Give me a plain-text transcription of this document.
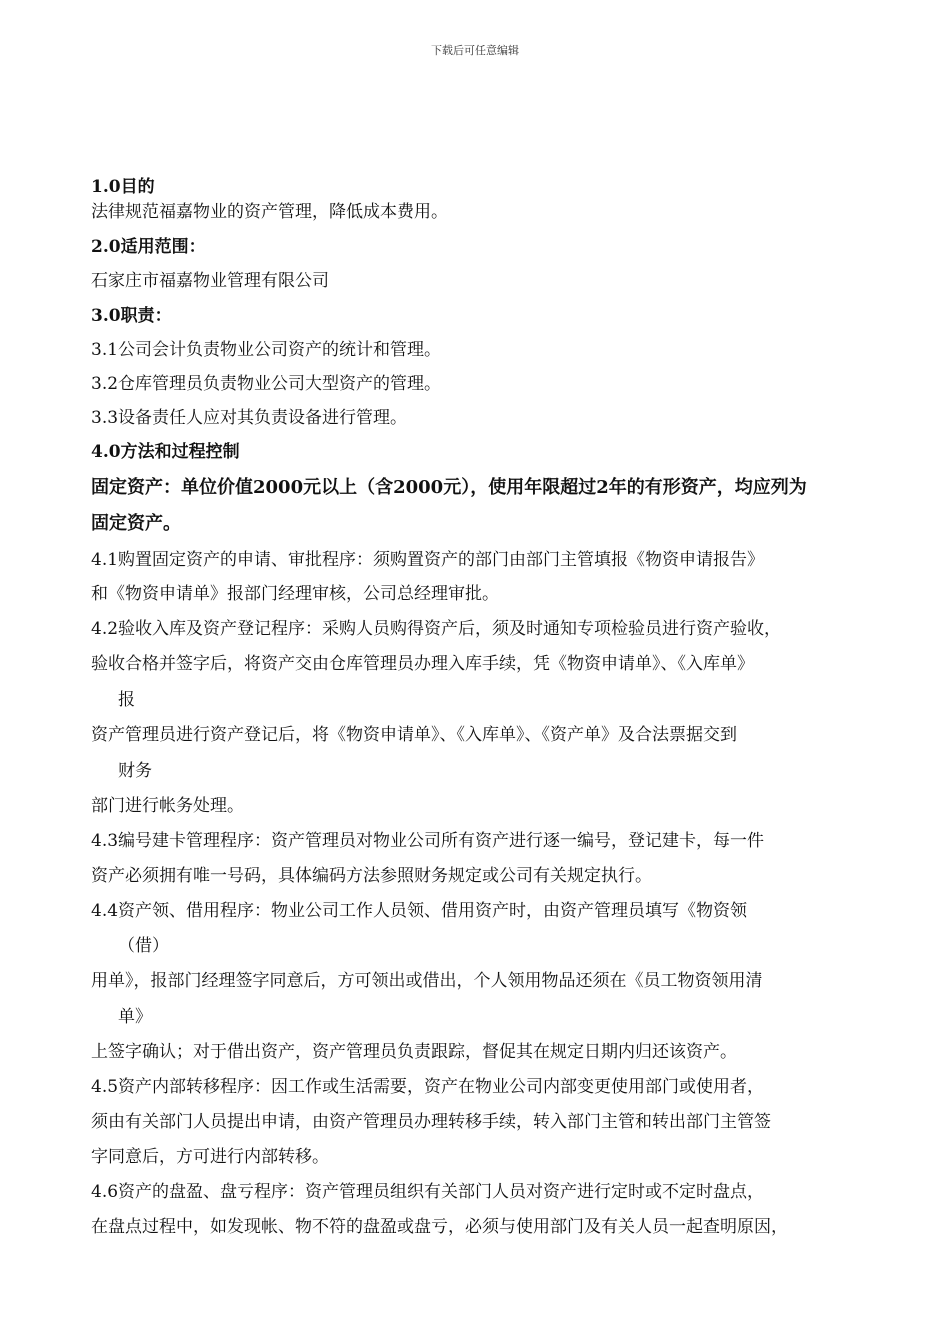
下载后可任意编辑
1.0目的
法律规范福嘉物业的资产管理，降低成本费用。
2.0适用范围：
石家庄市福嘉物业管理有限公司
3.0职责：
3.1公司会计负责物业公司资产的统计和管理。
3.2仓库管理员负责物业公司大型资产的管理。
3.3设备责任人应对其负责设备进行管理。
4.0方法和过程控制
固定资产：单位价值2000元以上（含2000元），使用年限超过2年的有形资产，均应列为
固定资产。
4.1购置固定资产的申请、审批程序：须购置资产的部门由部门主管填报《物资申请报告》
和《物资申请单》报部门经理审核，公司总经理审批。
4.2验收入库及资产登记程序：采购人员购得资产后，须及时通知专项检验员进行资产验收，
验收合格并签字后，将资产交由仓库管理员办理入库手续，凭《物资申请单》、《入库单》
报
资产管理员进行资产登记后，将《物资申请单》、《入库单》、《资产单》及合法票据交到
财务
部门进行帐务处理。
4.3编号建卡管理程序：资产管理员对物业公司所有资产进行逐一编号，登记建卡，每一件
资产必须拥有唯一号码，具体编码方法参照财务规定或公司有关规定执行。
4.4资产领、借用程序：物业公司工作人员领、借用资产时，由资产管理员填写《物资领
（借）
用单》，报部门经理签字同意后，方可领出或借出，个人领用物品还须在《员工物资领用清
单》
上签字确认；对于借出资产，资产管理员负责跟踪，督促其在规定日期内归还该资产。
4.5资产内部转移程序：因工作或生活需要，资产在物业公司内部变更使用部门或使用者，
须由有关部门人员提出申请，由资产管理员办理转移手续，转入部门主管和转出部门主管签
字同意后，方可进行内部转移。
4.6资产的盘盈、盘亏程序：资产管理员组织有关部门人员对资产进行定时或不定时盘点，
在盘点过程中，如发现帐、物不符的盘盈或盘亏，必须与使用部门及有关人员一起查明原因，
